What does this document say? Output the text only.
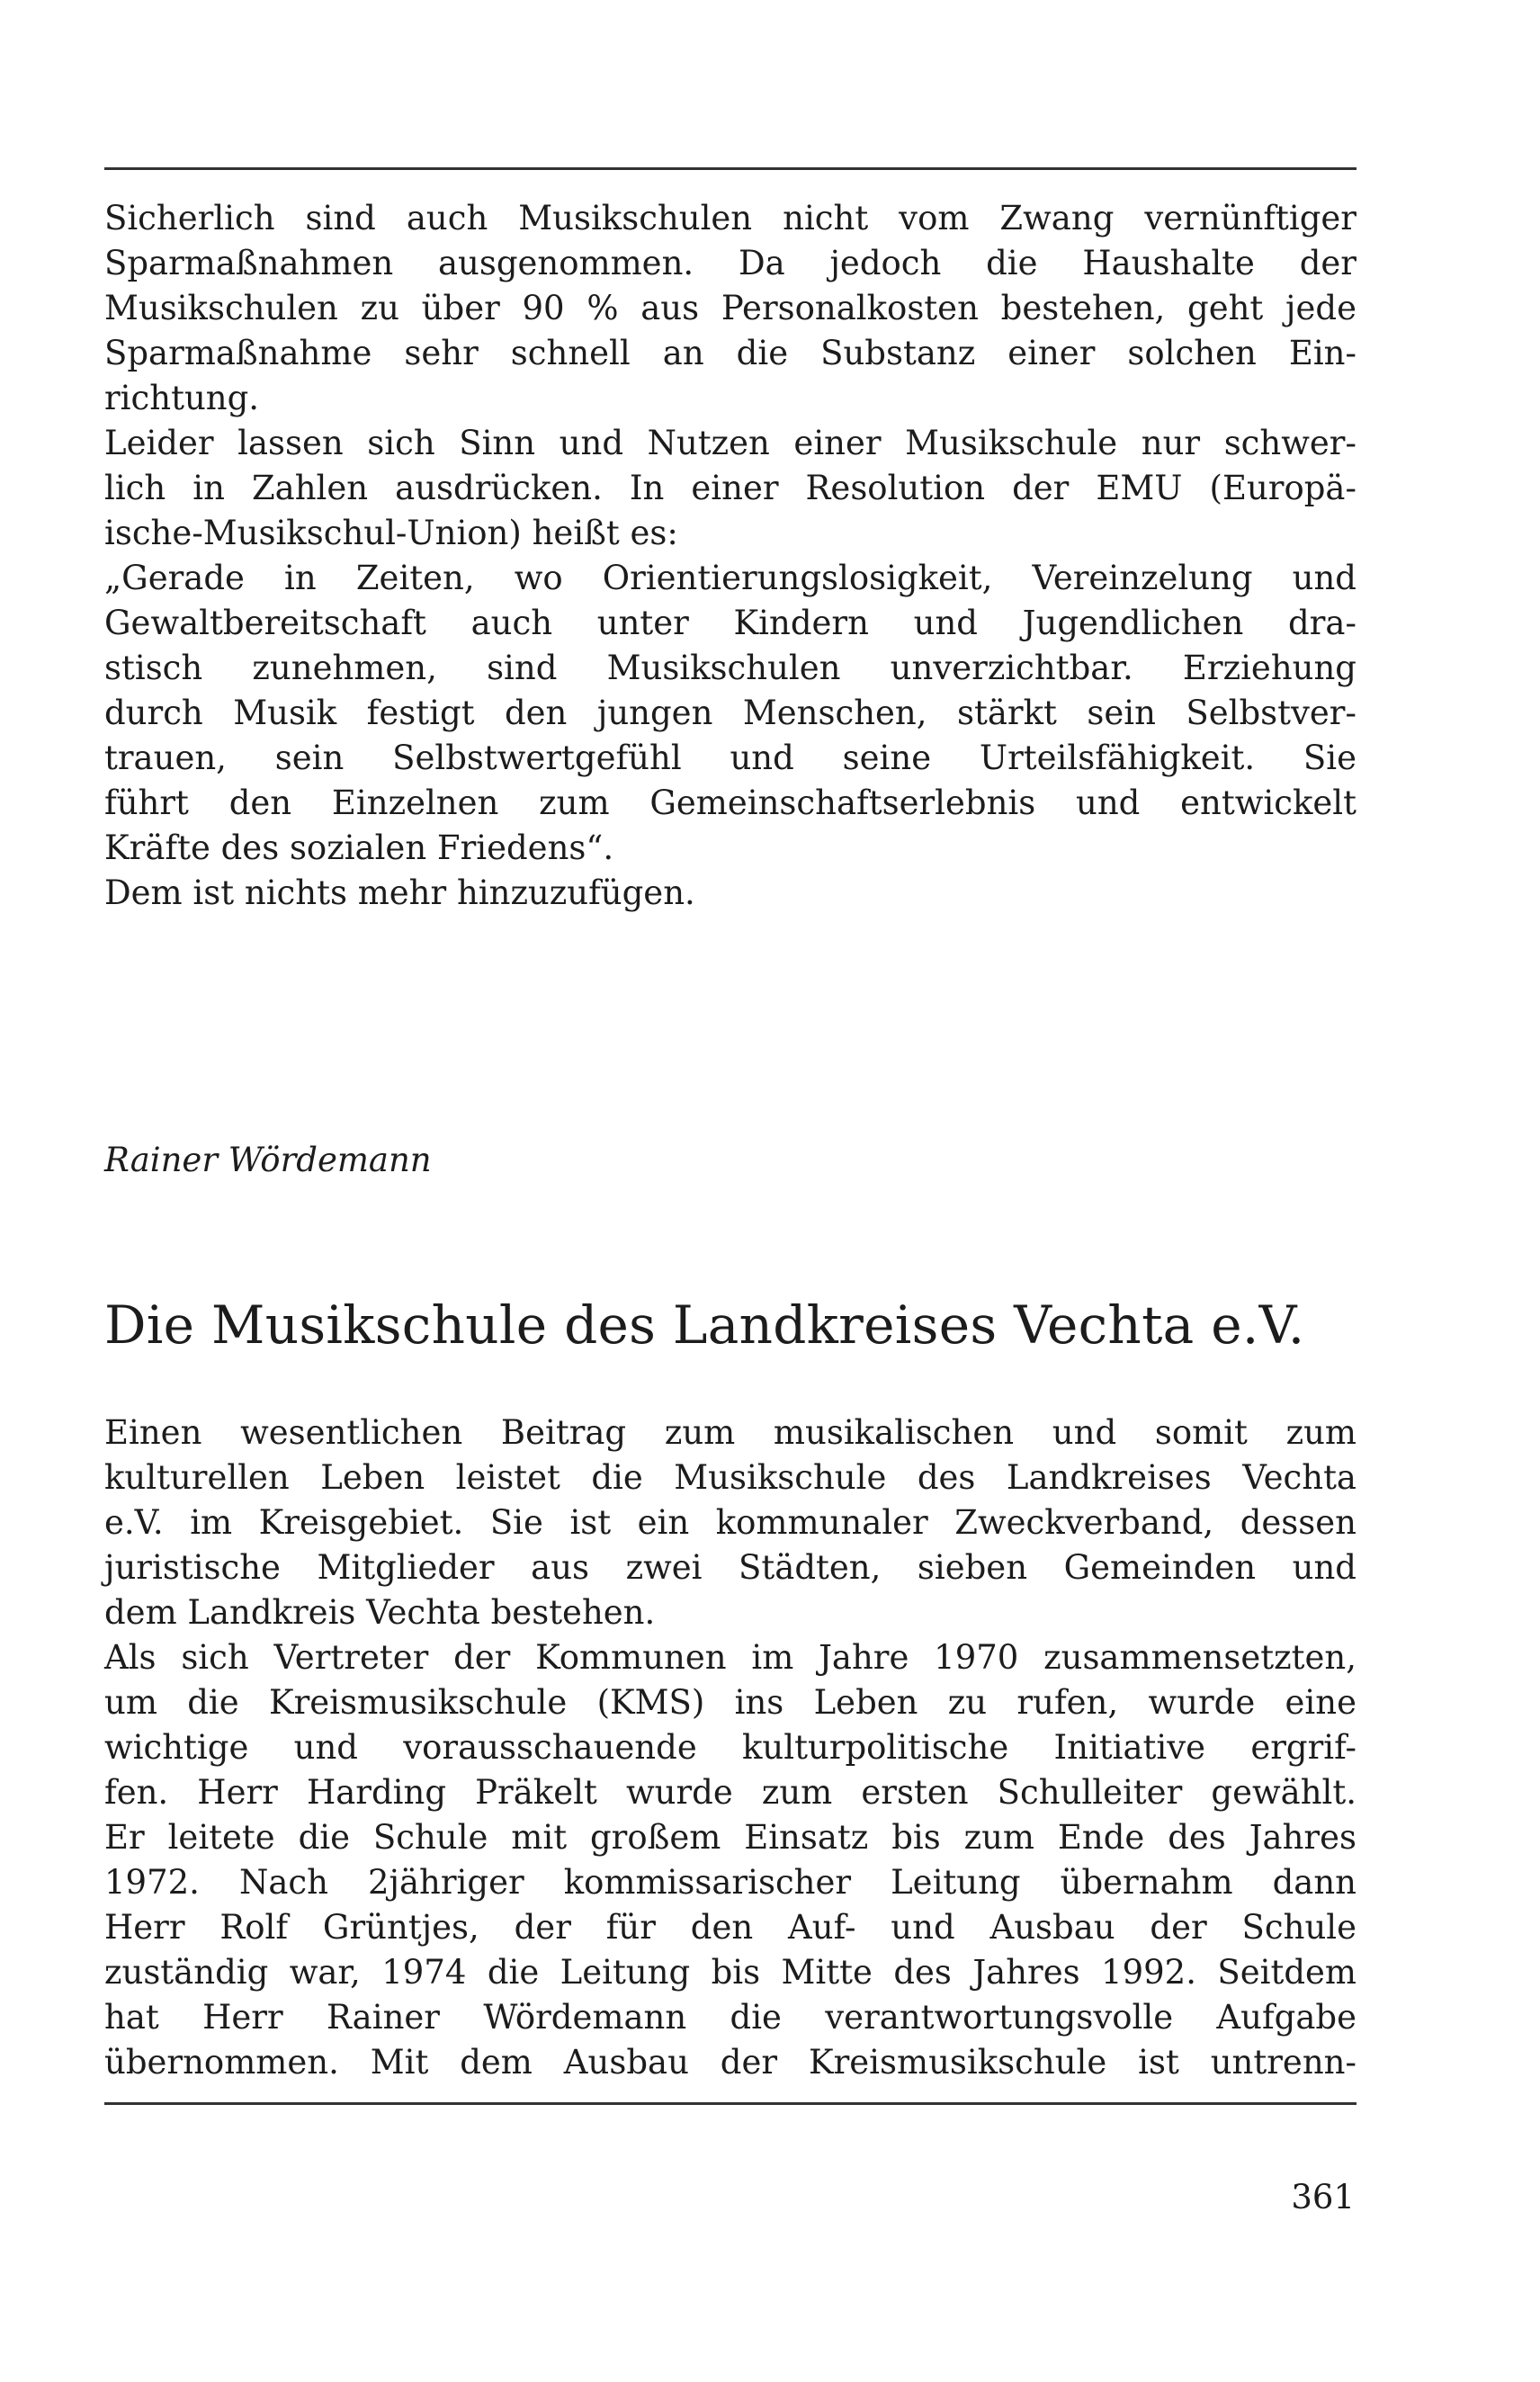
Sicherlich sind auch Musikschulen nicht vom Zwang vernünftiger
Sparmaßnahmen ausgenommen. Da jedoch die Haushalte der
Musikschulen zu über 90 % aus Personalkosten bestehen, geht jede
Sparmaßnahme sehr schnell an die Substanz einer solchen Ein-
richtung.
Leider lassen sich Sinn und Nutzen einer Musikschule nur schwer-
lich in Zahlen ausdrücken. In einer Resolution der EMU (Europä-
ische-Musikschul-Union) heißt es:
„Gerade in Zeiten, wo Orientierungslosigkeit, Vereinzelung und
Gewaltbereitschaft auch unter Kindern und Jugendlichen dra-
stisch zunehmen, sind Musikschulen unverzichtbar. Erziehung
durch Musik festigt den jungen Menschen, stärkt sein Selbstver-
trauen, sein Selbstwertgefühl und seine Urteilsfähigkeit. Sie
führt den Einzelnen zum Gemeinschaftserlebnis und entwickelt
Kräfte des sozialen Friedens“.
Dem ist nichts mehr hinzuzufügen.
Rainer Wördemann
Die Musikschule des Landkreises Vechta e.V.
Einen wesentlichen Beitrag zum musikalischen und somit zum
kulturellen Leben leistet die Musikschule des Landkreises Vechta
e.V. im Kreisgebiet. Sie ist ein kommunaler Zweckverband, dessen
juristische Mitglieder aus zwei Städten, sieben Gemeinden und
dem Landkreis Vechta bestehen.
Als sich Vertreter der Kommunen im Jahre 1970 zusammensetzten,
um die Kreismusikschule (KMS) ins Leben zu rufen, wurde eine
wichtige und vorausschauende kulturpolitische Initiative ergrif-
fen. Herr Harding Präkelt wurde zum ersten Schulleiter gewählt.
Er leitete die Schule mit großem Einsatz bis zum Ende des Jahres
1972. Nach 2jähriger kommissarischer Leitung übernahm dann
Herr Rolf Grüntjes, der für den Auf- und Ausbau der Schule
zuständig war, 1974 die Leitung bis Mitte des Jahres 1992. Seitdem
hat Herr Rainer Wördemann die verantwortungsvolle Aufgabe
übernommen. Mit dem Ausbau der Kreismusikschule ist untrenn-
361
